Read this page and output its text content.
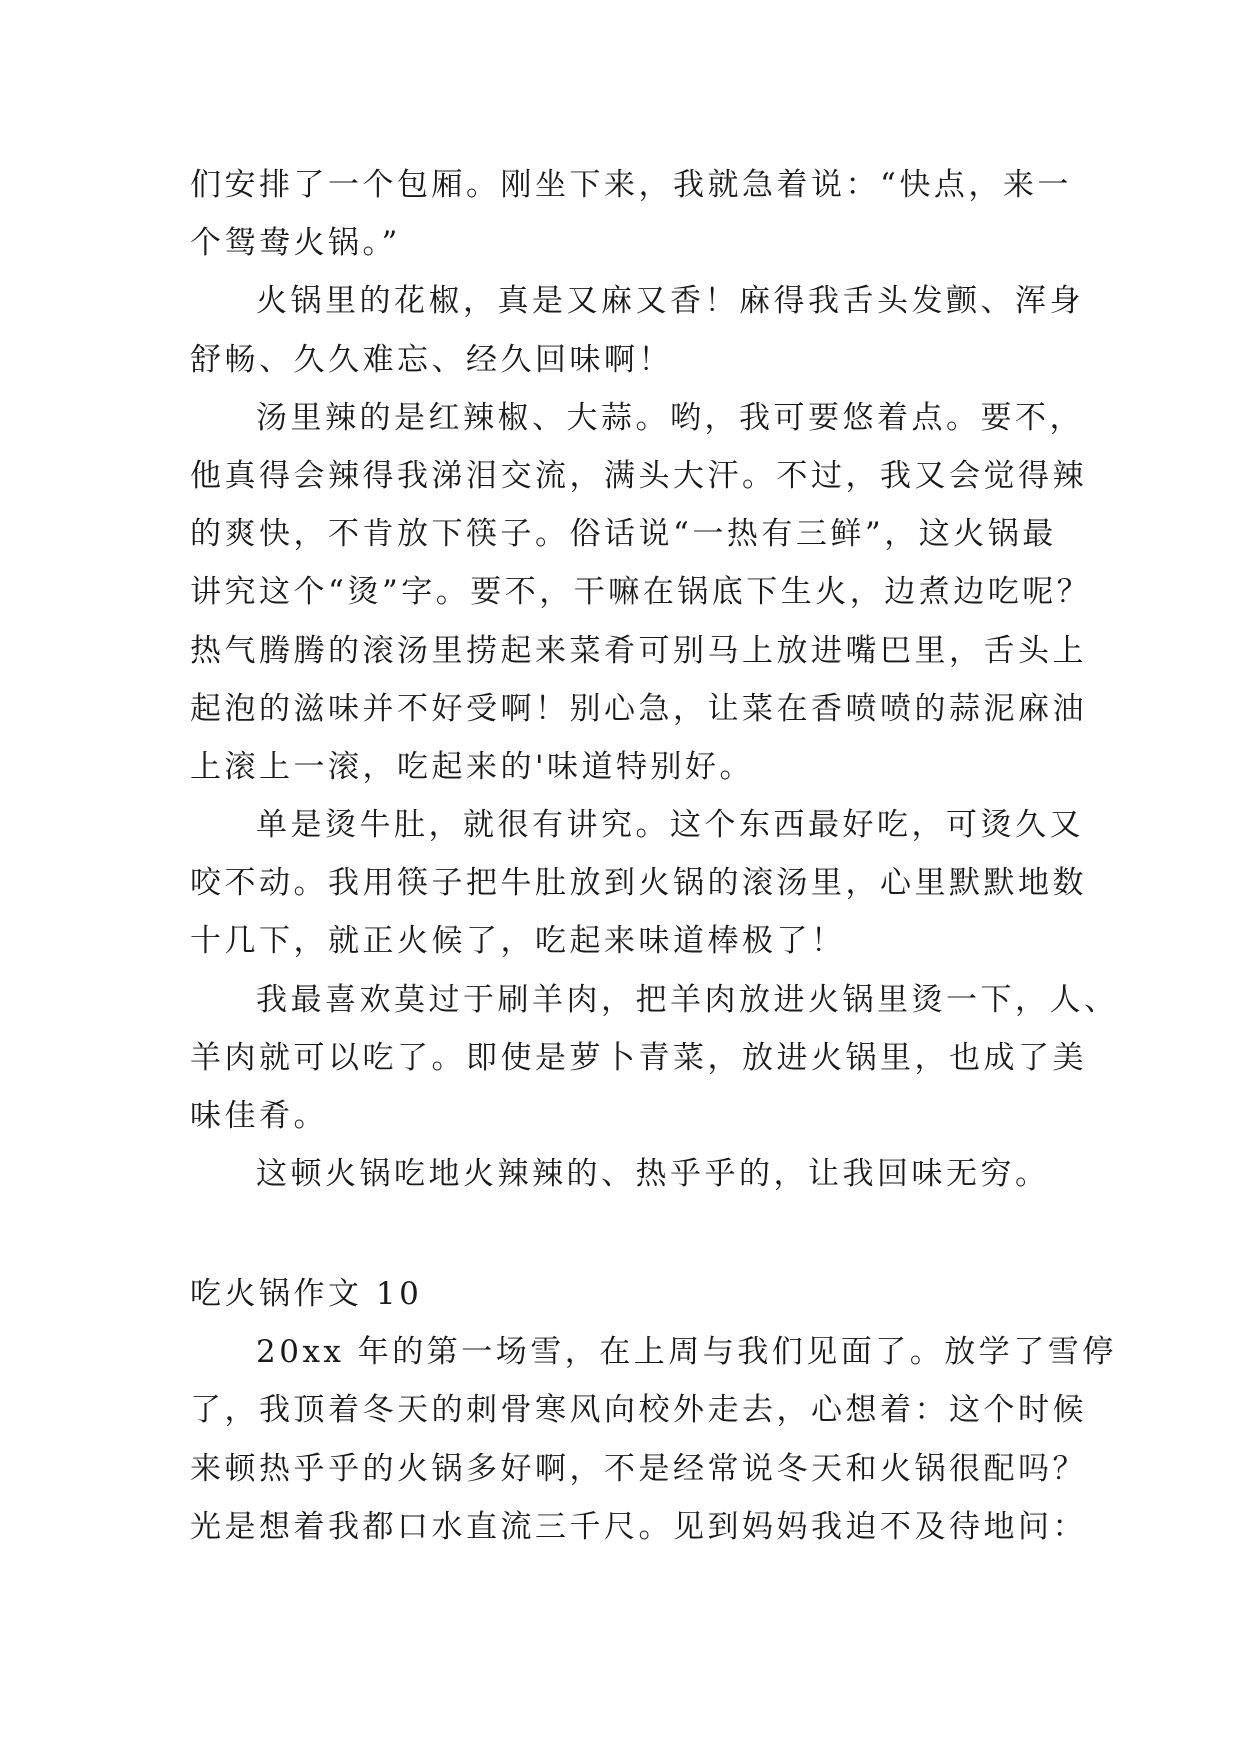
们安排了一个包厢。刚坐下来，我就急着说：“快点，来一
个鸳鸯火锅。”
火锅里的花椒，真是又麻又香！麻得我舌头发颤、浑身
舒畅、久久难忘、经久回味啊！
汤里辣的是红辣椒、大蒜。哟，我可要悠着点。要不，
他真得会辣得我涕泪交流，满头大汗。不过，我又会觉得辣
的爽快，不肯放下筷子。俗话说“一热有三鲜”，这火锅最
讲究这个“烫”字。要不，干嘛在锅底下生火，边煮边吃呢？
热气腾腾的滚汤里捞起来菜肴可别马上放进嘴巴里，舌头上
起泡的滋味并不好受啊！别心急，让菜在香喷喷的蒜泥麻油
上滚上一滚，吃起来的'味道特别好。
单是烫牛肚，就很有讲究。这个东西最好吃，可烫久又
咬不动。我用筷子把牛肚放到火锅的滚汤里，心里默默地数
十几下，就正火候了，吃起来味道棒极了！
我最喜欢莫过于刷羊肉，把羊肉放进火锅里烫一下，人、
羊肉就可以吃了。即使是萝卜青菜，放进火锅里，也成了美
味佳肴。
这顿火锅吃地火辣辣的、热乎乎的，让我回味无穷。
吃火锅作文 10
20xx 年的第一场雪，在上周与我们见面了。放学了雪停
了，我顶着冬天的刺骨寒风向校外走去，心想着：这个时候
来顿热乎乎的火锅多好啊，不是经常说冬天和火锅很配吗？
光是想着我都口水直流三千尺。见到妈妈我迫不及待地问：
